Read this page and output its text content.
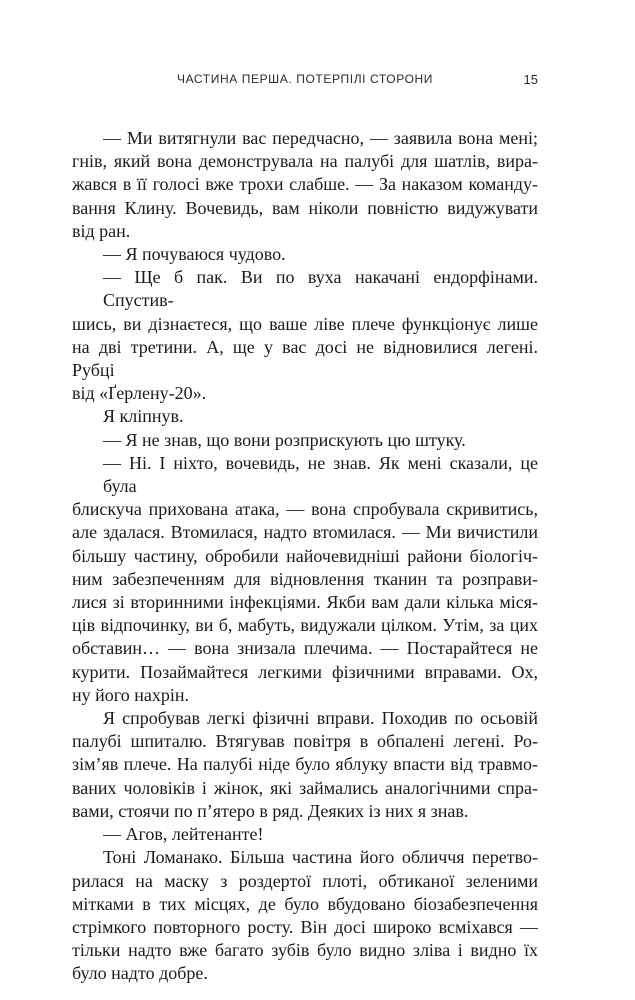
ЧАСТИНА ПЕРША. ПОТЕРПІЛІ СТОРОНИ	15
— Ми витягнули вас передчасно, — заявила вона мені;
гнів, який вона демонструвала на палубі для шатлів, вира-
жався в її голосі вже трохи слабше. — За наказом команду-
вання Клину. Вочевидь, вам ніколи повністю видужувати
від ран.
— Я почуваюся чудово.
— Ще б пак. Ви по вуха накачані ендорфінами. Спустив-
шись, ви дізнаєтеся, що ваше ліве плече функціонує лише
на дві третини. А, ще у вас досі не відновилися легені. Рубці
від «Ґерлену-20».
Я кліпнув.
— Я не знав, що вони розприскують цю штуку.
— Ні. І ніхто, вочевидь, не знав. Як мені сказали, це була
блискуча прихована атака, — вона спробувала скривитись,
але здалася. Втомилася, надто втомилася. — Ми вичистили
більшу частину, обробили найочевидніші райони біологіч-
ним забезпеченням для відновлення тканин та розправи-
лися зі вторинними інфекціями. Якби вам дали кілька міся-
ців відпочинку, ви б, мабуть, видужали цілком. Утім, за цих
обставин… — вона знизала плечима. — Постарайтеся не
курити. Позаймайтеся легкими фізичними вправами. Ох,
ну його нахрін.
Я спробував легкі фізичні вправи. Походив по осьовій
палубі шпиталю. Втягував повітря в обпалені легені. Ро-
зім’яв плече. На палубі ніде було яблуку впасти від травмо-
ваних чоловіків і жінок, які займались аналогічними спра-
вами, стоячи по п’ятеро в ряд. Деяких із них я знав.
— Агов, лейтенанте!
Тоні Ломанако. Більша частина його обличчя перетво-
рилася на маску з роздертої плоті, обтиканої зеленими
мітками в тих місцях, де було вбудовано біозабезпечення
стрімкого повторного росту. Він досі широко всміхався —
тільки надто вже багато зубів було видно зліва і видно їх
було надто добре.
